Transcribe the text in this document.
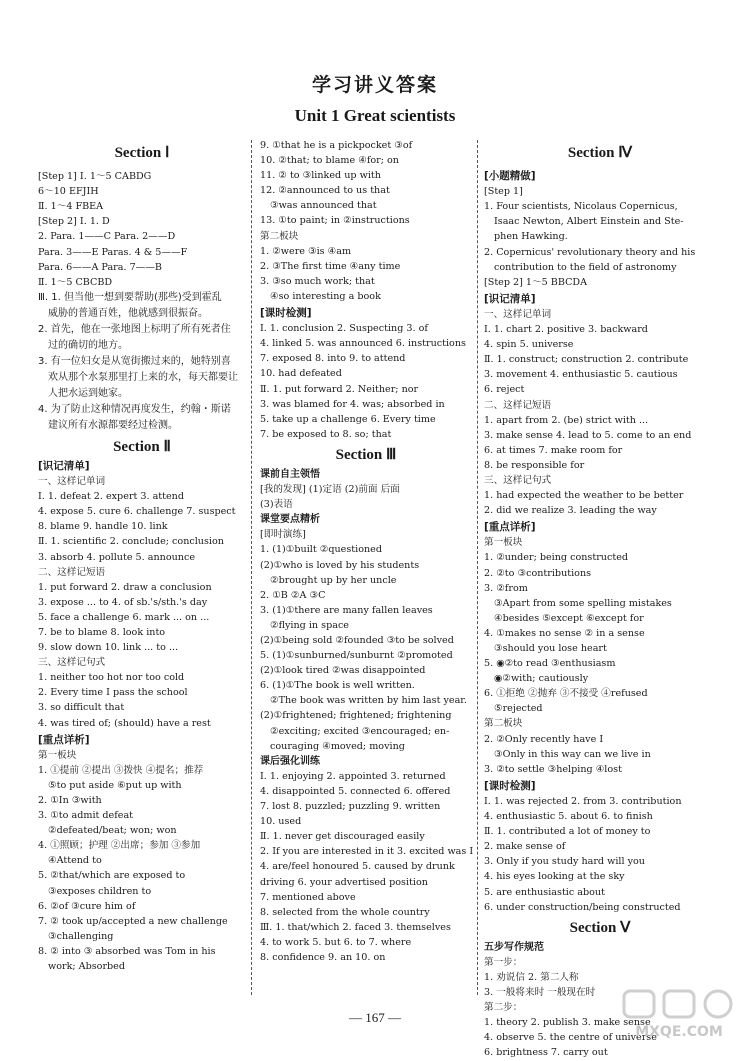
学习讲义答案
Unit 1 Great scientists
Section Ⅰ
[Step 1] Ⅰ. 1～5 CABDG
6～10 EFJIH
Ⅱ. 1～4 FBEA
[Step 2] Ⅰ. 1. D
2. Para. 1——C Para. 2——D
Para. 3——E Paras. 4 & 5——F
Para. 6——A Para. 7——B
Ⅱ. 1～5 CBCBD
Ⅲ. 1. 但当他一想到要帮助(那些)受到霍乱
威胁的普通百姓，他就感到很振奋。
2. 首先，他在一张地图上标明了所有死者住
过的确切的地方。
3. 有一位妇女是从宽街搬过来的，她特别喜
欢从那个水泵那里打上来的水，每天都要让
人把水运到她家。
4. 为了防止这种情况再度发生，约翰・斯诺
建议所有水源都要经过检测。
Section Ⅱ
[识记清单]
一、这样记单词
Ⅰ. 1. defeat 2. expert 3. attend
4. expose 5. cure 6. challenge 7. suspect
8. blame 9. handle 10. link
Ⅱ. 1. scientific 2. conclude; conclusion
3. absorb 4. pollute 5. announce
二、这样记短语
1. put forward 2. draw a conclusion
3. expose ... to 4. of sb.'s/sth.'s day
5. face a challenge 6. mark ... on ...
7. be to blame 8. look into
9. slow down 10. link ... to ...
三、这样记句式
1. neither too hot nor too cold
2. Every time I pass the school
3. so difficult that
4. was tired of; (should) have a rest
[重点详析]
第一板块
1. ①提前 ②提出 ③拨快 ④提名；推荐
⑤to put aside ⑥put up with
2. ①In ③with
3. ①to admit defeat
②defeated/beat; won; won
4. ①照顾；护理 ②出席；参加 ③参加
④Attend to
5. ②that/which are exposed to
③exposes children to
6. ②of ③cure him of
7. ② took up/accepted a new challenge
③challenging
8. ② into ③ absorbed was Tom in his
work; Absorbed
9. ①that he is a pickpocket ③of
10. ②that; to blame ④for; on
11. ② to ③linked up with
12. ②announced to us that
③was announced that
13. ①to paint; in ②instructions
第二板块
1. ②were ③is ④am
2. ③The first time ④any time
3. ③so much work; that
④so interesting a book
[课时检测]
Ⅰ. 1. conclusion 2. Suspecting 3. of
4. linked 5. was announced 6. instructions
7. exposed 8. into 9. to attend
10. had defeated
Ⅱ. 1. put forward 2. Neither; nor
3. was blamed for 4. was; absorbed in
5. take up a challenge 6. Every time
7. be exposed to 8. so; that
Section Ⅲ
课前自主领悟
[我的发现] (1)定语 (2)前面 后面
(3)表语
课堂要点精析
[即时演练]
1. (1)①built ②questioned
(2)①who is loved by his students
②brought up by her uncle
2. ①B ②A ③C
3. (1)①there are many fallen leaves
②flying in space
(2)①being sold ②founded ③to be solved
5. (1)①sunburned/sunburnt ②promoted
(2)①look tired ②was disappointed
6. (1)①The book is well written.
②The book was written by him last year.
(2)①frightened; frightened; frightening
②exciting; excited ③encouraged; en-
couraging ④moved; moving
课后强化训练
Ⅰ. 1. enjoying 2. appointed 3. returned
4. disappointed 5. connected 6. offered
7. lost 8. puzzled; puzzling 9. written
10. used
Ⅱ. 1. never get discouraged easily
2. If you are interested in it 3. excited was I
4. are/feel honoured 5. caused by drunk
driving 6. your advertised position
7. mentioned above
8. selected from the whole country
Ⅲ. 1. that/which 2. faced 3. themselves
4. to work 5. but 6. to 7. where
8. confidence 9. an 10. on
Section Ⅳ
[小题精做]
[Step 1]
1. Four scientists, Nicolaus Copernicus,
Isaac Newton, Albert Einstein and Ste-
phen Hawking.
2. Copernicus' revolutionary theory and his
contribution to the field of astronomy
[Step 2] 1～5 BBCDA
[识记清单]
一、这样记单词
Ⅰ. 1. chart 2. positive 3. backward
4. spin 5. universe
Ⅱ. 1. construct; construction 2. contribute
3. movement 4. enthusiastic 5. cautious
6. reject
二、这样记短语
1. apart from 2. (be) strict with ...
3. make sense 4. lead to 5. come to an end
6. at times 7. make room for
8. be responsible for
三、这样记句式
1. had expected the weather to be better
2. did we realize 3. leading the way
[重点详析]
第一板块
1. ②under; being constructed
2. ②to ③contributions
3. ②from
③Apart from some spelling mistakes
④besides ⑤except ⑥except for
4. ①makes no sense ② in a sense
③should you lose heart
5. ◉②to read ③enthusiasm
◉②with; cautiously
6. ①拒绝 ②抛弃 ③不接受 ④refused
⑤rejected
第二板块
2. ②Only recently have I
③Only in this way can we live in
3. ②to settle ③helping ④lost
[课时检测]
Ⅰ. 1. was rejected 2. from 3. contribution
4. enthusiastic 5. about 6. to finish
Ⅱ. 1. contributed a lot of money to
2. make sense of
3. Only if you study hard will you
4. his eyes looking at the sky
5. are enthusiastic about
6. under construction/being constructed
Section Ⅴ
五步写作规范
第一步：
1. 劝说信 2. 第二人称
3. 一般将来时 一般现在时
第二步：
1. theory 2. publish 3. make sense
4. observe 5. the centre of universe
6. brightness 7. carry out
— 167 —
MXQE.COM
